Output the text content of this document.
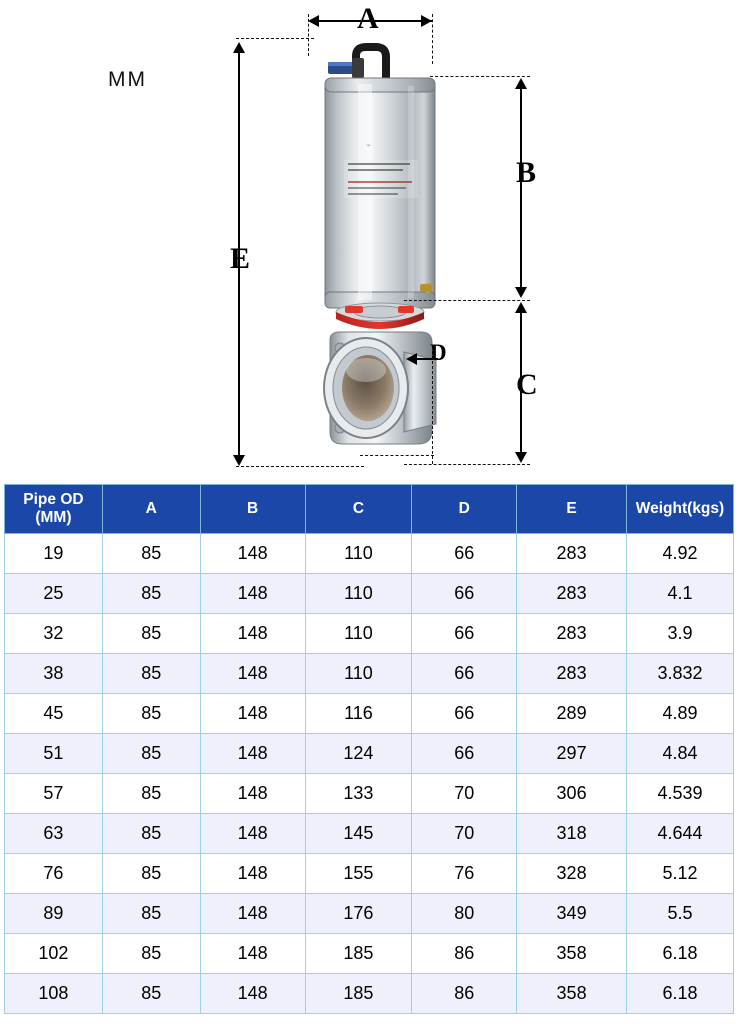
MM
⌁
A
B
C
D
E
Pipe OD
(MM)	A	B	C	D	E	Weight(kgs)
19	85	148	110	66	283	4.92
25	85	148	110	66	283	4.1
32	85	148	110	66	283	3.9
38	85	148	110	66	283	3.832
45	85	148	116	66	289	4.89
51	85	148	124	66	297	4.84
57	85	148	133	70	306	4.539
63	85	148	145	70	318	4.644
76	85	148	155	76	328	5.12
89	85	148	176	80	349	5.5
102	85	148	185	86	358	6.18
108	85	148	185	86	358	6.18
